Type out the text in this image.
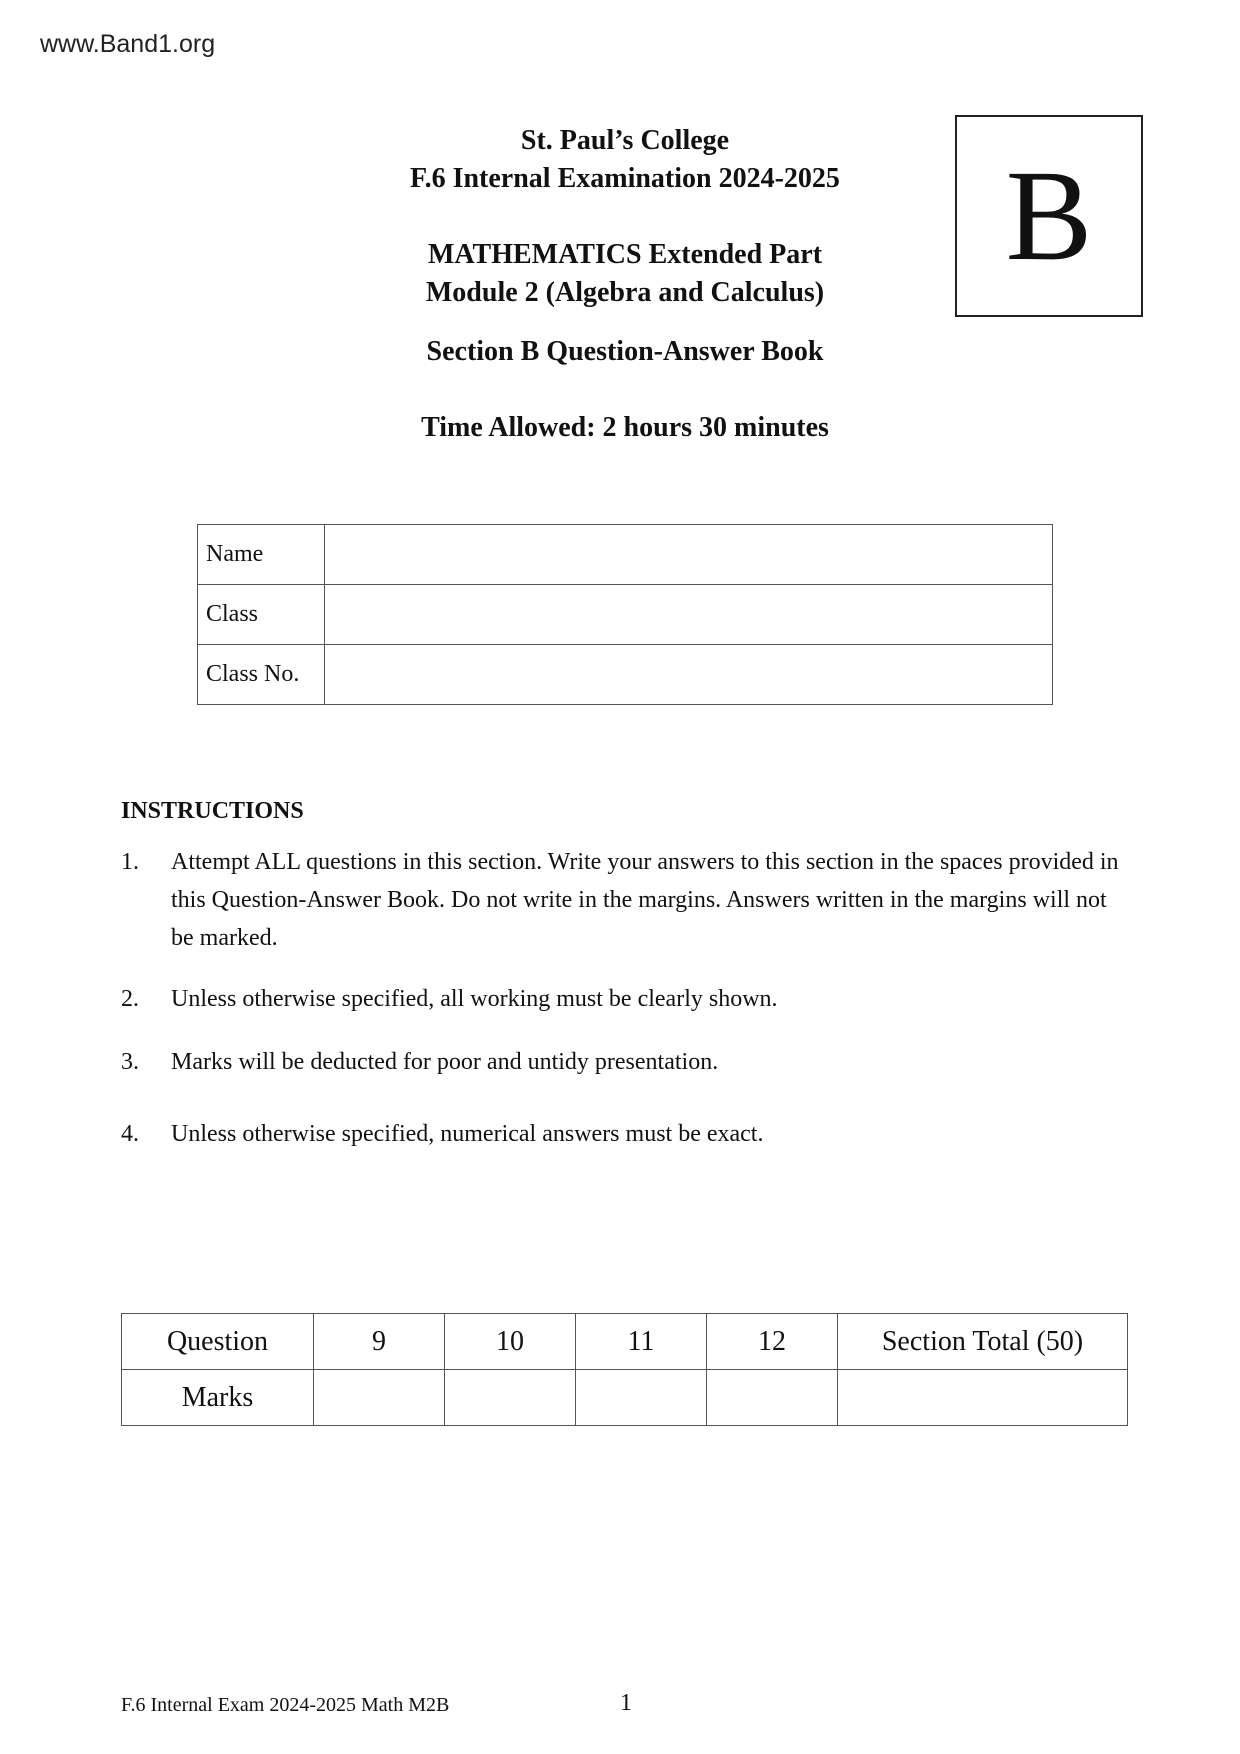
www.Band1.org
St. Paul’s College
F.6 Internal Examination 2024-2025
MATHEMATICS Extended Part
Module 2 (Algebra and Calculus)
Section B Question-Answer Book
Time Allowed: 2 hours 30 minutes
B
Name	
Class	
Class No.	
INSTRUCTIONS
1. Attempt ALL questions in this section. Write your answers to this section in the spaces provided in this Question-Answer Book. Do not write in the margins. Answers written in the margins will not be marked.
2. Unless otherwise specified, all working must be clearly shown.
3. Marks will be deducted for poor and untidy presentation.
4. Unless otherwise specified, numerical answers must be exact.
Question	9	10	11	12	Section Total (50)
Marks					
F.6 Internal Exam 2024-2025 Math M2B	1
